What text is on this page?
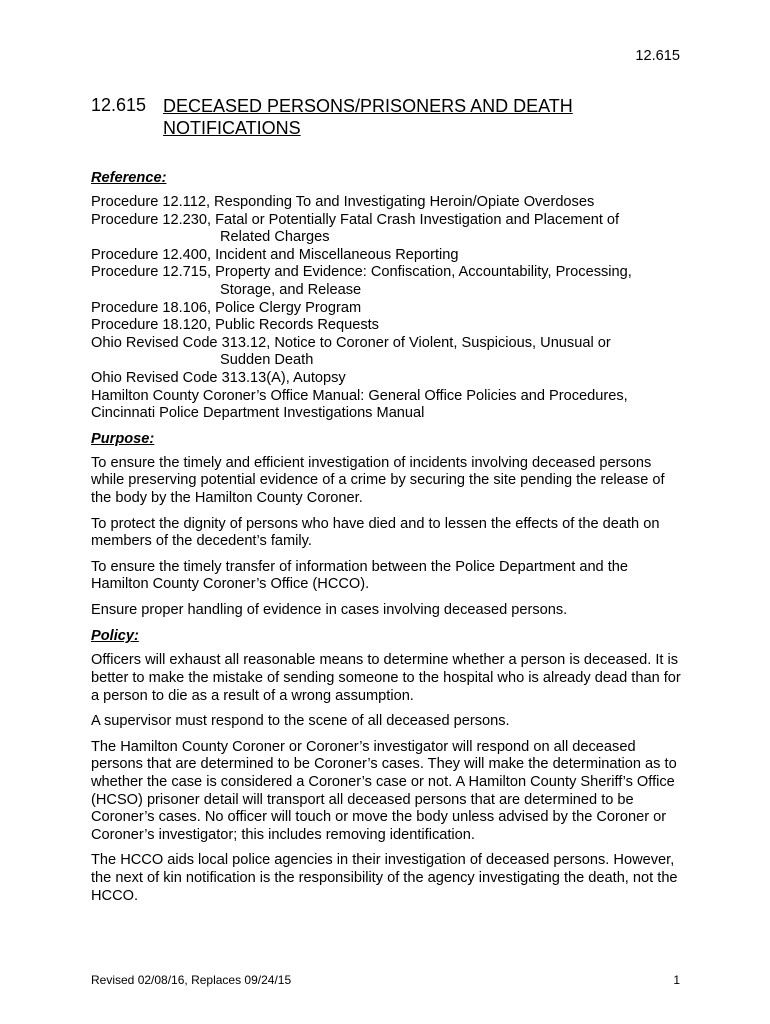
12.615
12.615 DECEASED PERSONS/PRISONERS AND DEATH NOTIFICATIONS
Reference:
Procedure 12.112, Responding To and Investigating Heroin/Opiate Overdoses
Procedure 12.230, Fatal or Potentially Fatal Crash Investigation and Placement of
Related Charges
Procedure 12.400, Incident and Miscellaneous Reporting
Procedure 12.715, Property and Evidence: Confiscation, Accountability, Processing,
Storage, and Release
Procedure 18.106, Police Clergy Program
Procedure 18.120, Public Records Requests
Ohio Revised Code 313.12, Notice to Coroner of Violent, Suspicious, Unusual or
Sudden Death
Ohio Revised Code 313.13(A), Autopsy
Hamilton County Coroner’s Office Manual: General Office Policies and Procedures,
Cincinnati Police Department Investigations Manual
Purpose:

To ensure the timely and efficient investigation of incidents involving deceased persons while preserving potential evidence of a crime by securing the site pending the release of the body by the Hamilton County Coroner.

To protect the dignity of persons who have died and to lessen the effects of the death on members of the decedent’s family.

To ensure the timely transfer of information between the Police Department and the Hamilton County Coroner’s Office (HCCO).

Ensure proper handling of evidence in cases involving deceased persons.

Policy:

Officers will exhaust all reasonable means to determine whether a person is deceased. It is better to make the mistake of sending someone to the hospital who is already dead than for a person to die as a result of a wrong assumption.

A supervisor must respond to the scene of all deceased persons.

The Hamilton County Coroner or Coroner’s investigator will respond on all deceased persons that are determined to be Coroner’s cases. They will make the determination as to whether the case is considered a Coroner’s case or not. A Hamilton County Sheriff’s Office (HCSO) prisoner detail will transport all deceased persons that are determined to be Coroner’s cases. No officer will touch or move the body unless advised by the Coroner or Coroner’s investigator; this includes removing identification.

The HCCO aids local police agencies in their investigation of deceased persons. However, the next of kin notification is the responsibility of the agency investigating the death, not the HCCO.

Revised 02/08/16, Replaces 09/24/15	1
